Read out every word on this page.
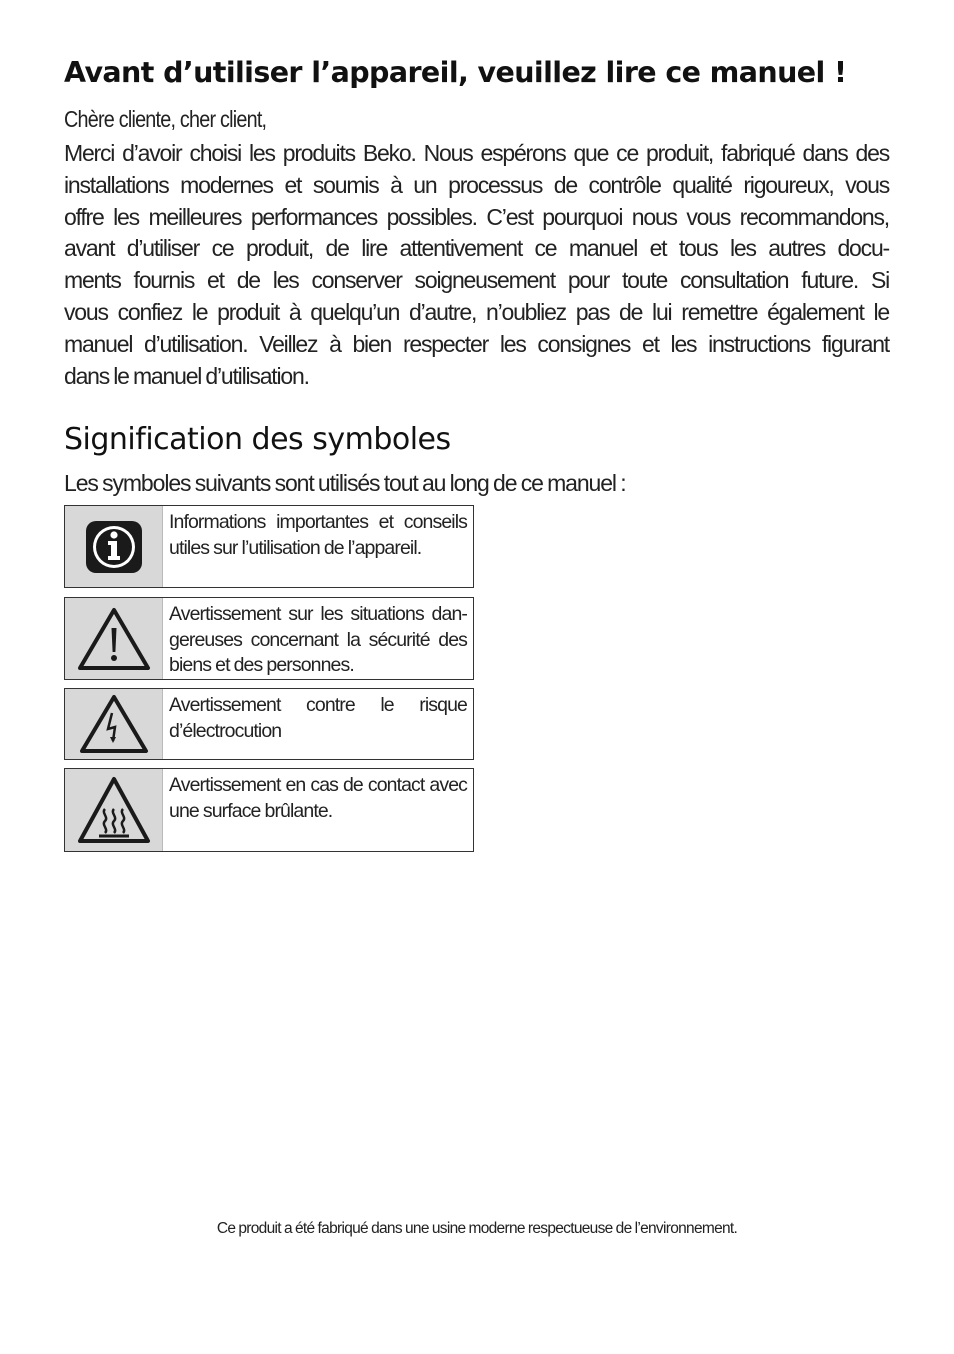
Avant d’utiliser l’appareil, veuillez lire ce manuel !
Chère cliente, cher client,
Merci d’avoir choisi les produits Beko. Nous espérons que ce produit, fabriqué dans des
installations modernes et soumis à un processus de contrôle qualité rigoureux, vous
offre les meilleures performances possibles. C’est pourquoi nous vous recommandons,
avant d’utiliser ce produit, de lire attentivement ce manuel et tous les autres docu-
ments fournis et de les conserver soigneusement pour toute consultation future. Si
vous confiez le produit à quelqu’un d’autre, n’oubliez pas de lui remettre également le
manuel d’utilisation. Veillez à bien respecter les consignes et les instructions figurant
dans le manuel d’utilisation.
Signification des symboles
Les symboles suivants sont utilisés tout au long de ce manuel :
Informations importantes et conseils utiles sur l’utilisation de l’appareil.
Avertissement sur les situations dan-gereuses concernant la sécurité des biens et des personnes.
Avertissement contre le risque d’électrocution
Avertissement en cas de contact avec une surface brûlante.
Ce produit a été fabriqué dans une usine moderne respectueuse de l’environnement.
